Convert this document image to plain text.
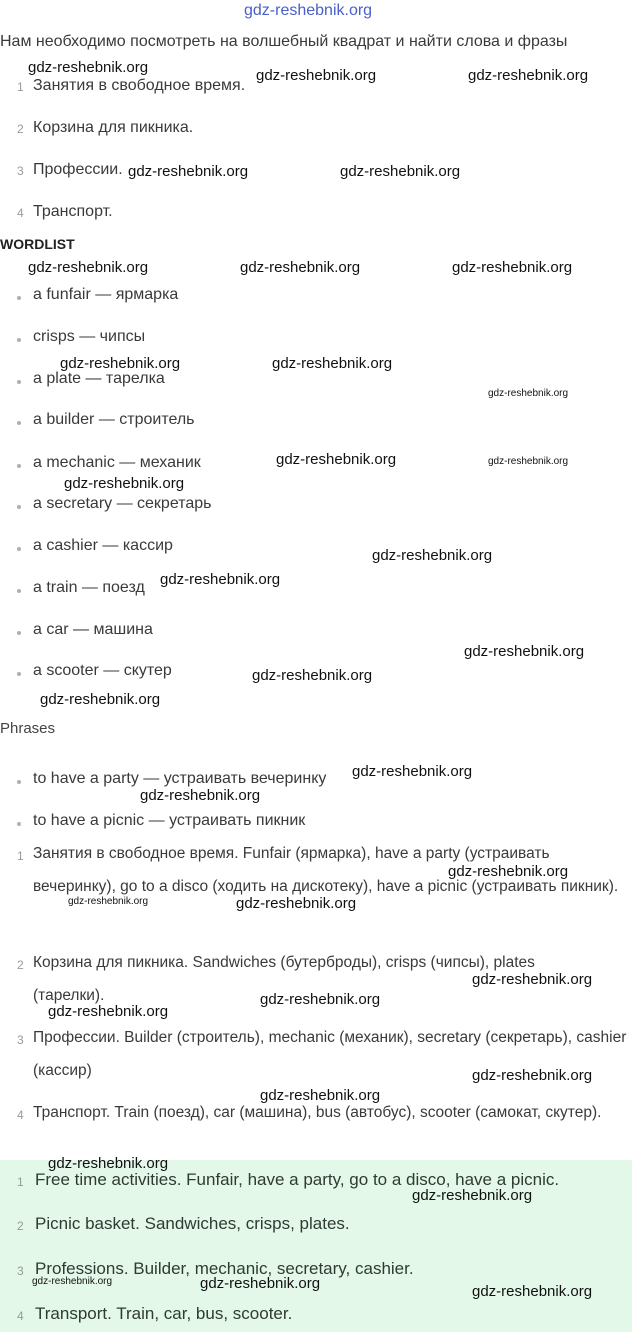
gdz-reshebnik.org
Нам необходимо посмотреть на волшебный квадрат и найти слова и фразы
1 Занятия в свободное время.
2 Корзина для пикника.
3 Профессии.
4 Транспорт.
WORDLIST
a funfair — ярмарка
crisps — чипсы
a plate — тарелка
a builder — строитель
a mechanic — механик
a secretary — секретарь
a cashier — кассир
a train — поезд
a car — машина
a scooter — скутер
Phrases
to have a party — устраивать вечеринку
to have a picnic — устраивать пикник
1 Занятия в свободное время. Funfair (ярмарка), have a party (устраивать вечеринку), go to a disco (ходить на дискотеку), have a picnic (устраивать пикник).
2 Корзина для пикника. Sandwiches (бутерброды), crisps (чипсы), plates (тарелки).
3 Профессии. Builder (строитель), mechanic (механик), secretary (секретарь), cashier (кассир)
4 Транспорт. Train (поезд), car (машина), bus (автобус), scooter (самокат, скутер).
1 Free time activities. Funfair, have a party, go to a disco, have a picnic.
2 Picnic basket. Sandwiches, crisps, plates.
3 Professions. Builder, mechanic, secretary, cashier.
4 Transport. Train, car, bus, scooter.
gdz-reshebnik.org	gdz-reshebnik.org	gdz-reshebnik.org
gdz-reshebnik.org	gdz-reshebnik.org
gdz-reshebnik.org	gdz-reshebnik.org	gdz-reshebnik.org
gdz-reshebnik.org	gdz-reshebnik.org
gdz-reshebnik.org
gdz-reshebnik.org	gdz-reshebnik.org
gdz-reshebnik.org
gdz-reshebnik.org
gdz-reshebnik.org
gdz-reshebnik.org
gdz-reshebnik.org
gdz-reshebnik.org
gdz-reshebnik.org
gdz-reshebnik.org
gdz-reshebnik.org
gdz-reshebnik.org	gdz-reshebnik.org
gdz-reshebnik.org
gdz-reshebnik.org
gdz-reshebnik.org
gdz-reshebnik.org
gdz-reshebnik.org
gdz-reshebnik.org
gdz-reshebnik.org
gdz-reshebnik.org	gdz-reshebnik.org	gdz-reshebnik.org
